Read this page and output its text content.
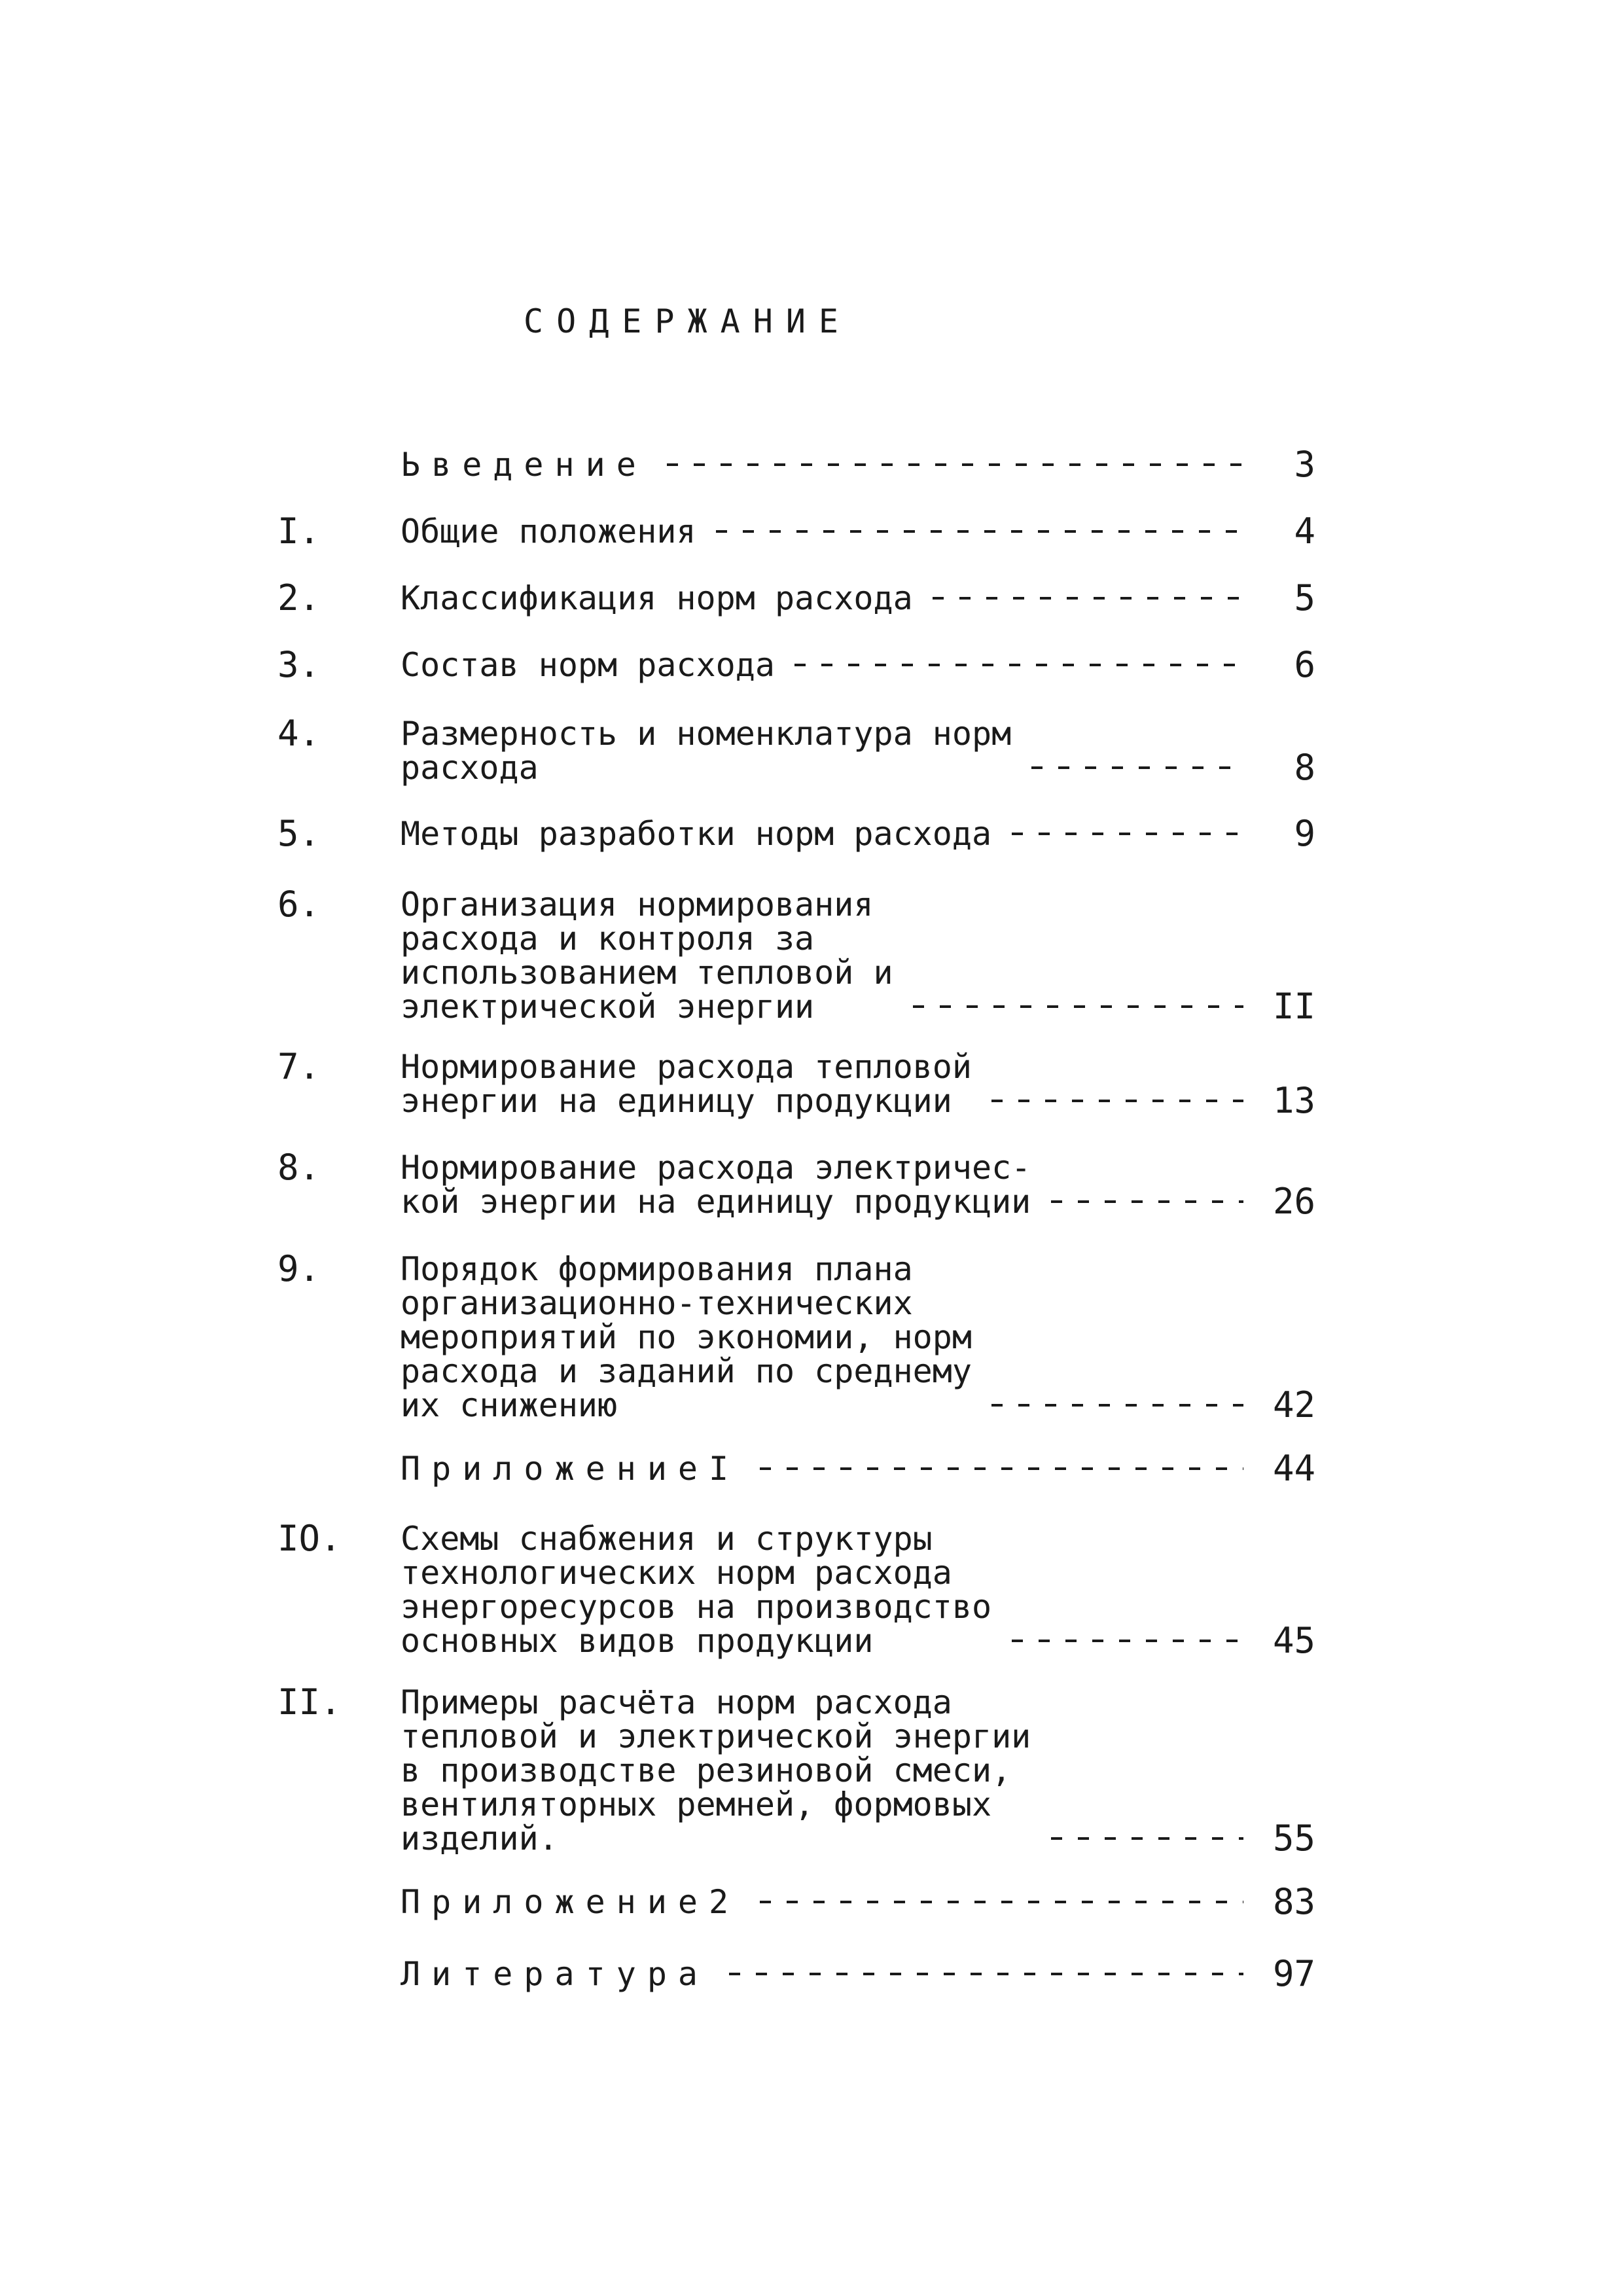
СОДЕРЖАНИЕ
Ьведение	3
I. Общие положения	4
2. Классификация норм расхода	5
3. Состав норм расхода	6
4. Размерность и номенклатура норм
расхода	8
5. Методы разработки норм расхода	9
6. Организация нормирования
расхода и контроля за
использованием тепловой и
электрической энергии	II
7. Нормирование расхода тепловой
энергии на единицу продукции	13
8. Нормирование расхода электричес-
кой энергии на единицу продукции	26
9. Порядок формирования плана
организационно-технических
мероприятий по экономии, норм
расхода и заданий по среднему
их снижению	42
ПриложениеI	44
IO. Схемы снабжения и структуры
технологических норм расхода
энергоресурсов на производство
основных видов продукции	45
II. Примеры расчёта норм расхода
тепловой и электрической энергии
в производстве резиновой смеси,
вентиляторных ремней, формовых
изделий.	55
Приложение2	83
Литература	97
